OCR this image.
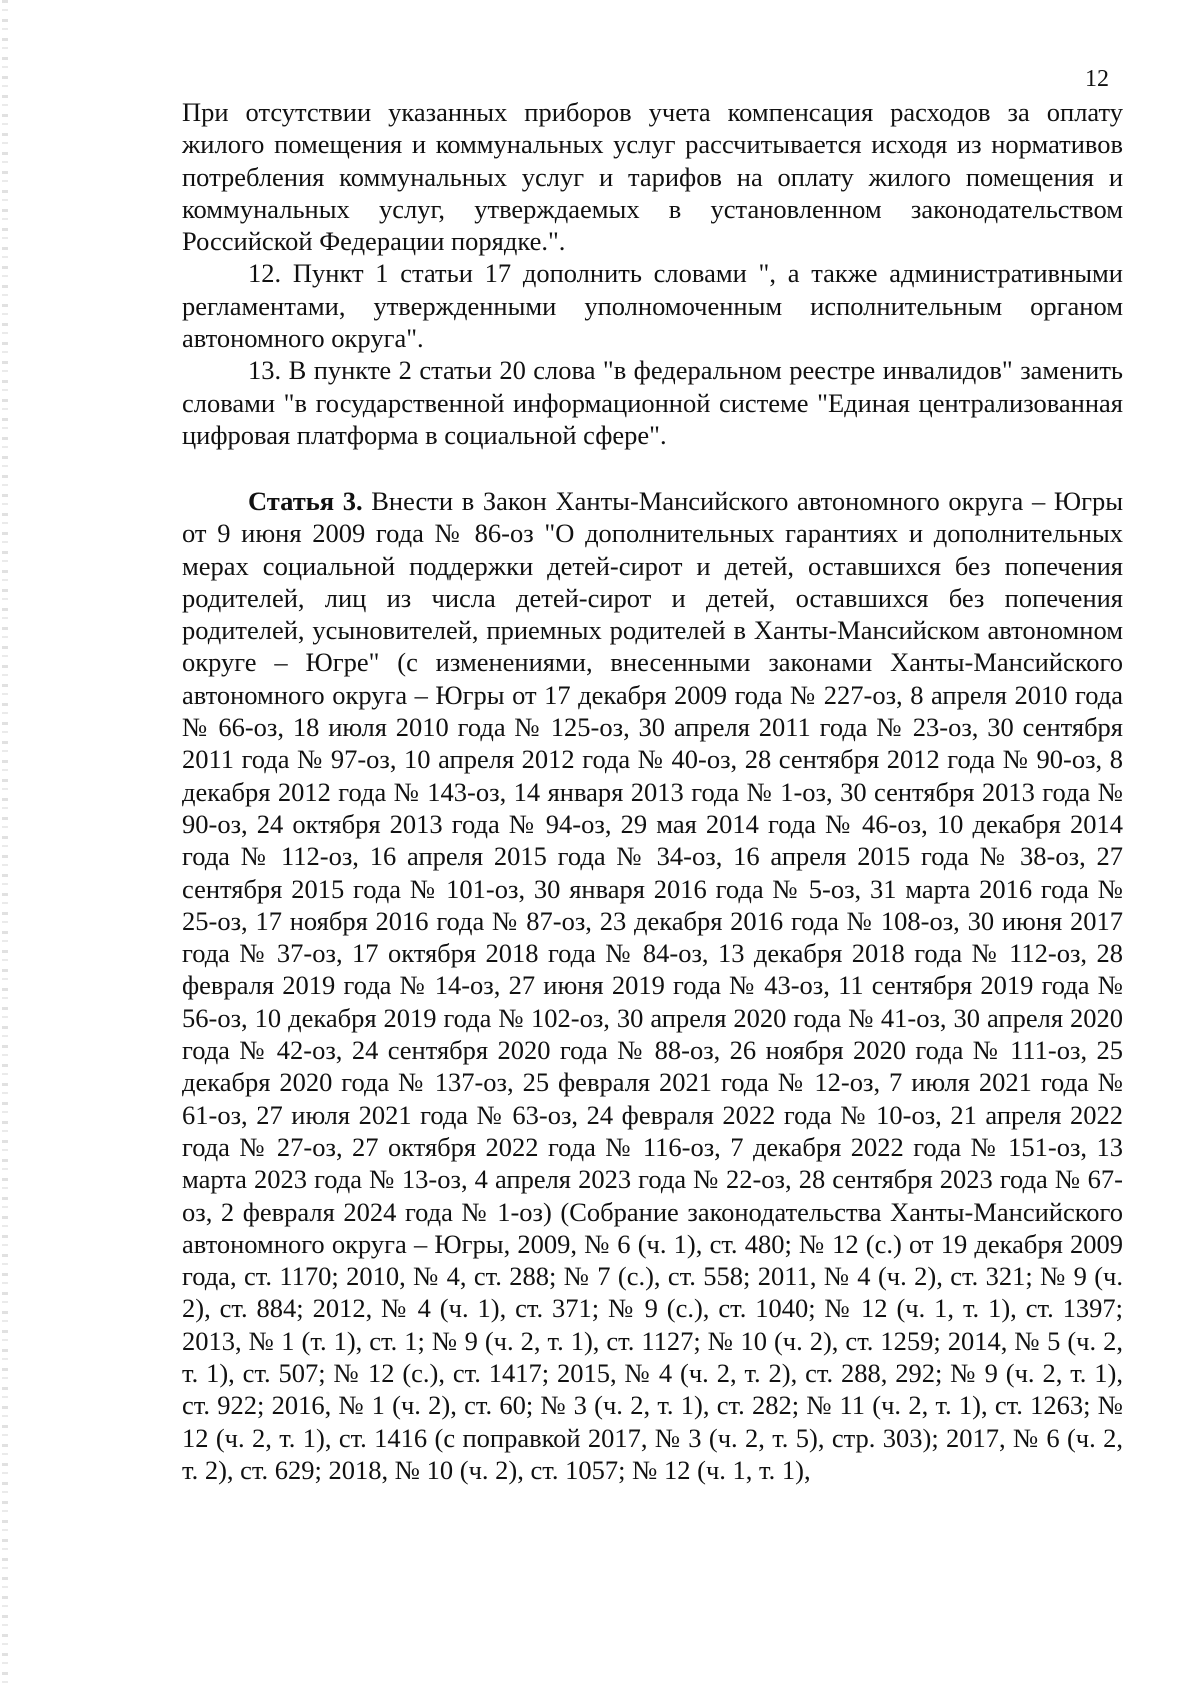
12

При отсутствии указанных приборов учета компенсация расходов за оплату жилого помещения и коммунальных услуг рассчитывается исходя из нормативов потребления коммунальных услуг и тарифов на оплату жилого помещения и коммунальных услуг, утверждаемых в установленном законодательством Российской Федерации порядке.".

12. Пункт 1 статьи 17 дополнить словами ", а также административными регламентами, утвержденными уполномоченным исполнительным органом автономного округа".

13. В пункте 2 статьи 20 слова "в федеральном реестре инвалидов" заменить словами "в государственной информационной системе "Единая централизованная цифровая платформа в социальной сфере".

Статья 3. Внести в Закон Ханты-Мансийского автономного округа – Югры от 9 июня 2009 года № 86-оз "О дополнительных гарантиях и дополнительных мерах социальной поддержки детей-сирот и детей, оставшихся без попечения родителей, лиц из числа детей-сирот и детей, оставшихся без попечения родителей, усыновителей, приемных родителей в Ханты-Мансийском автономном округе – Югре" (с изменениями, внесенными законами Ханты-Мансийского автономного округа – Югры от 17 декабря 2009 года № 227-оз, 8 апреля 2010 года № 66-оз, 18 июля 2010 года № 125-оз, 30 апреля 2011 года № 23-оз, 30 сентября 2011 года № 97-оз, 10 апреля 2012 года № 40-оз, 28 сентября 2012 года № 90-оз, 8 декабря 2012 года № 143-оз, 14 января 2013 года № 1-оз, 30 сентября 2013 года № 90-оз, 24 октября 2013 года № 94-оз, 29 мая 2014 года № 46-оз, 10 декабря 2014 года № 112-оз, 16 апреля 2015 года № 34-оз, 16 апреля 2015 года № 38-оз, 27 сентября 2015 года № 101-оз, 30 января 2016 года № 5-оз, 31 марта 2016 года № 25-оз, 17 ноября 2016 года № 87-оз, 23 декабря 2016 года № 108-оз, 30 июня 2017 года № 37-оз, 17 октября 2018 года № 84-оз, 13 декабря 2018 года № 112-оз, 28 февраля 2019 года № 14-оз, 27 июня 2019 года № 43-оз, 11 сентября 2019 года № 56-оз, 10 декабря 2019 года № 102-оз, 30 апреля 2020 года № 41-оз, 30 апреля 2020 года № 42-оз, 24 сентября 2020 года № 88-оз, 26 ноября 2020 года № 111-оз, 25 декабря 2020 года № 137-оз, 25 февраля 2021 года № 12-оз, 7 июля 2021 года № 61-оз, 27 июля 2021 года № 63-оз, 24 февраля 2022 года № 10-оз, 21 апреля 2022 года № 27-оз, 27 октября 2022 года № 116-оз, 7 декабря 2022 года № 151-оз, 13 марта 2023 года № 13-оз, 4 апреля 2023 года № 22-оз, 28 сентября 2023 года № 67-оз, 2 февраля 2024 года № 1-оз) (Собрание законодательства Ханты-Мансийского автономного округа – Югры, 2009, № 6 (ч. 1), ст. 480; № 12 (с.) от 19 декабря 2009 года, ст. 1170; 2010, № 4, ст. 288; № 7 (с.), ст. 558; 2011, № 4 (ч. 2), ст. 321; № 9 (ч. 2), ст. 884; 2012, № 4 (ч. 1), ст. 371; № 9 (с.), ст. 1040; № 12 (ч. 1, т. 1), ст. 1397; 2013, № 1 (т. 1), ст. 1; № 9 (ч. 2, т. 1), ст. 1127; № 10 (ч. 2), ст. 1259; 2014, № 5 (ч. 2, т. 1), ст. 507; № 12 (с.), ст. 1417; 2015, № 4 (ч. 2, т. 2), ст. 288, 292; № 9 (ч. 2, т. 1), ст. 922; 2016, № 1 (ч. 2), ст. 60; № 3 (ч. 2, т. 1), ст. 282; № 11 (ч. 2, т. 1), ст. 1263; № 12 (ч. 2, т. 1), ст. 1416 (с поправкой 2017, № 3 (ч. 2, т. 5), стр. 303); 2017, № 6 (ч. 2, т. 2), ст. 629; 2018, № 10 (ч. 2), ст. 1057; № 12 (ч. 1, т. 1),
